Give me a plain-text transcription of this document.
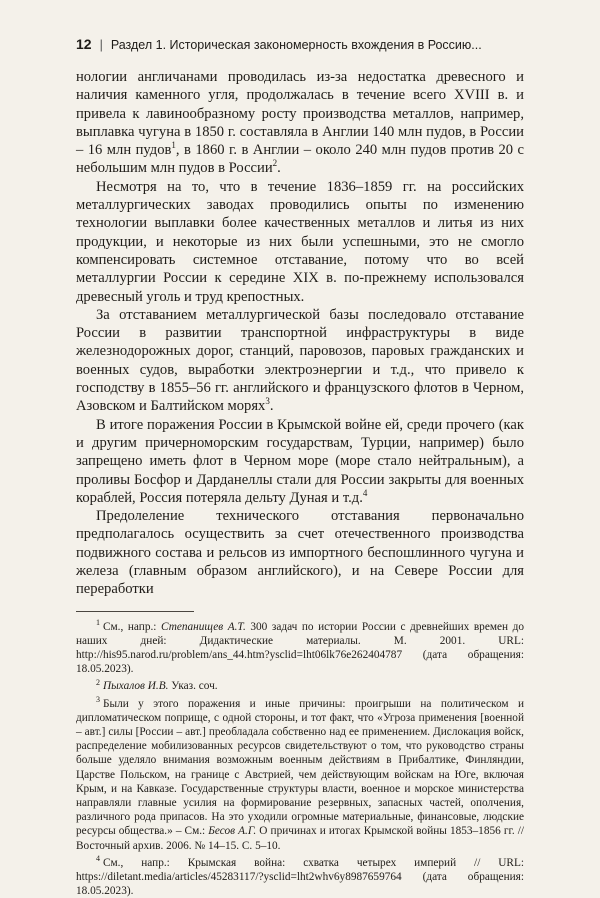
12 | Раздел 1. Историческая закономерность вхождения в Россию...

нологии англичанами проводилась из-за недостатка древесного и наличия каменного угля, продолжалась в течение всего XVIII в. и привела к лавинообразному росту производства металлов, например, выплавка чугуна в 1850 г. составляла в Англии 140 млн пудов, в России – 16 млн пудов$^1$, в 1860 г. в Англии – около 240 млн пудов против 20 с небольшим млн пудов в России$^2$.

Несмотря на то, что в течение 1836–1859 гг. на российских металлургических заводах проводились опыты по изменению технологии выплавки более качественных металлов и литья из них продукции, и некоторые из них были успешными, это не смогло компенсировать системное отставание, потому что во всей металлургии России к середине XIX в. по-прежнему использовался древесный уголь и труд крепостных.

За отставанием металлургической базы последовало отставание России в развитии транспортной инфраструктуры в виде железнодорожных дорог, станций, паровозов, паровых гражданских и военных судов, выработки электроэнергии и т.д., что привело к господству в 1855–56 гг. английского и французского флотов в Черном, Азовском и Балтийском морях$^3$.

В итоге поражения России в Крымской войне ей, среди прочего (как и другим причерноморским государствам, Турции, например) было запрещено иметь флот в Черном море (море стало нейтральным), а проливы Босфор и Дарданеллы стали для России закрыты для военных кораблей, Россия потеряла дельту Дуная и т.д.$^4$

Предолеление технического отставания первоначально предполагалось осуществить за счет отечественного производства подвижного состава и рельсов из импортного беспошлинного чугуна и железа (главным образом английского), и на Севере России для переработки

$^1$ См., напр.: Степанищев А.Т. 300 задач по истории России с древнейших времен до наших дней: Дидактические материалы. М. 2001. URL: http://his95.narod.ru/problem/ans_44.htm?ysclid=lht06lk76e262404787 (дата обращения: 18.05.2023).

$^2$ Пыхалов И.В. Указ. соч.

$^3$ Были у этого поражения и иные причины: проигрыши на политическом и дипломатическом поприще, с одной стороны, и тот факт, что «Угроза применения [военной – авт.] силы [России – авт.] преобладала собственно над ее применением. Дислокация войск, распределение мобилизованных ресурсов свидетельствуют о том, что руководство страны больше уделяло внимания возможным военным действиям в Прибалтике, Финляндии, Царстве Польском, на границе с Австрией, чем действующим войскам на Юге, включая Крым, и на Кавказе. Государственные структуры власти, военное и морское министерства направляли главные усилия на формирование резервных, запасных частей, ополчения, различного рода припасов. На это уходили огромные материальные, финансовые, людские ресурсы общества.» – См.: Бесов А.Г. О причинах и итогах Крымской войны 1853–1856 гг. // Восточный архив. 2006. № 14–15. С. 5–10.

$^4$ См., напр.: Крымская война: схватка четырех империй // URL: https://diletant.media/articles/45283117/?ysclid=lht2whv6y8987659764 (дата обращения: 18.05.2023).
